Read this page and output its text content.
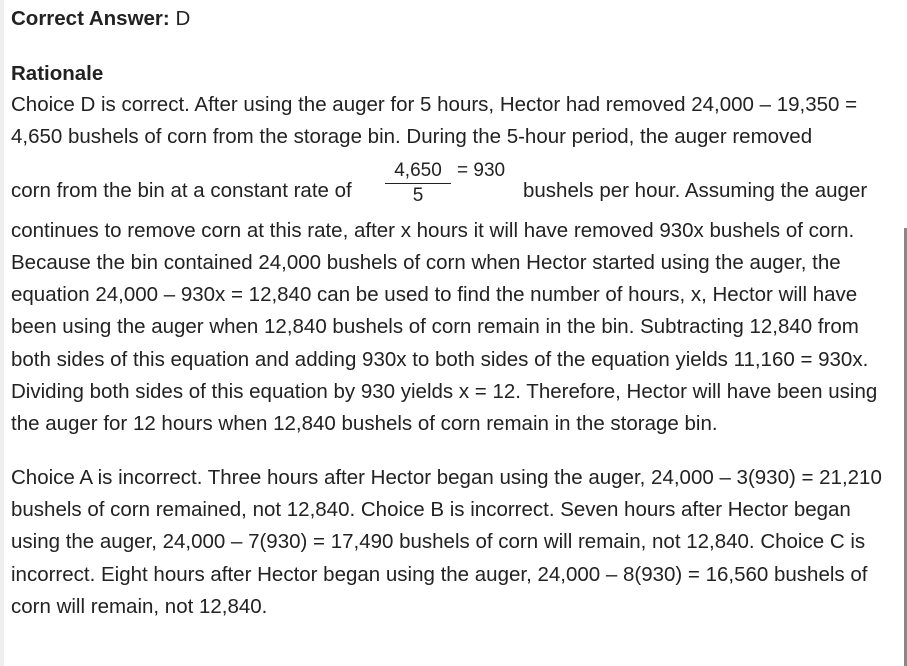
Correct Answer: D
Rationale
Choice D is correct. After using the auger for 5 hours, Hector had removed 24,000 – 19,350 =
4,650 bushels of corn from the storage bin. During the 5-hour period, the auger removed
corn from the bin at a constant rate of $\frac{4,650}{5} = 930$
bushels per hour. Assuming the auger
continues to remove corn at this rate, after x hours it will have removed 930x bushels of corn. Because the bin contained 24,000 bushels of corn when Hector started using the auger, the equation 24,000 – 930x = 12,840 can be used to find the number of hours, x, Hector will have been using the auger when 12,840 bushels of corn remain in the bin. Subtracting 12,840 from both sides of this equation and adding 930x to both sides of the equation yields 11,160 = 930x. Dividing both sides of this equation by 930 yields x = 12. Therefore, Hector will have been using the auger for 12 hours when 12,840 bushels of corn remain in the storage bin.
Choice A is incorrect. Three hours after Hector began using the auger, 24,000 – 3(930) = 21,210 bushels of corn remained, not 12,840. Choice B is incorrect. Seven hours after Hector began using the auger, 24,000 – 7(930) = 17,490 bushels of corn will remain, not 12,840. Choice C is incorrect. Eight hours after Hector began using the auger, 24,000 – 8(930) = 16,560 bushels of corn will remain, not 12,840.
